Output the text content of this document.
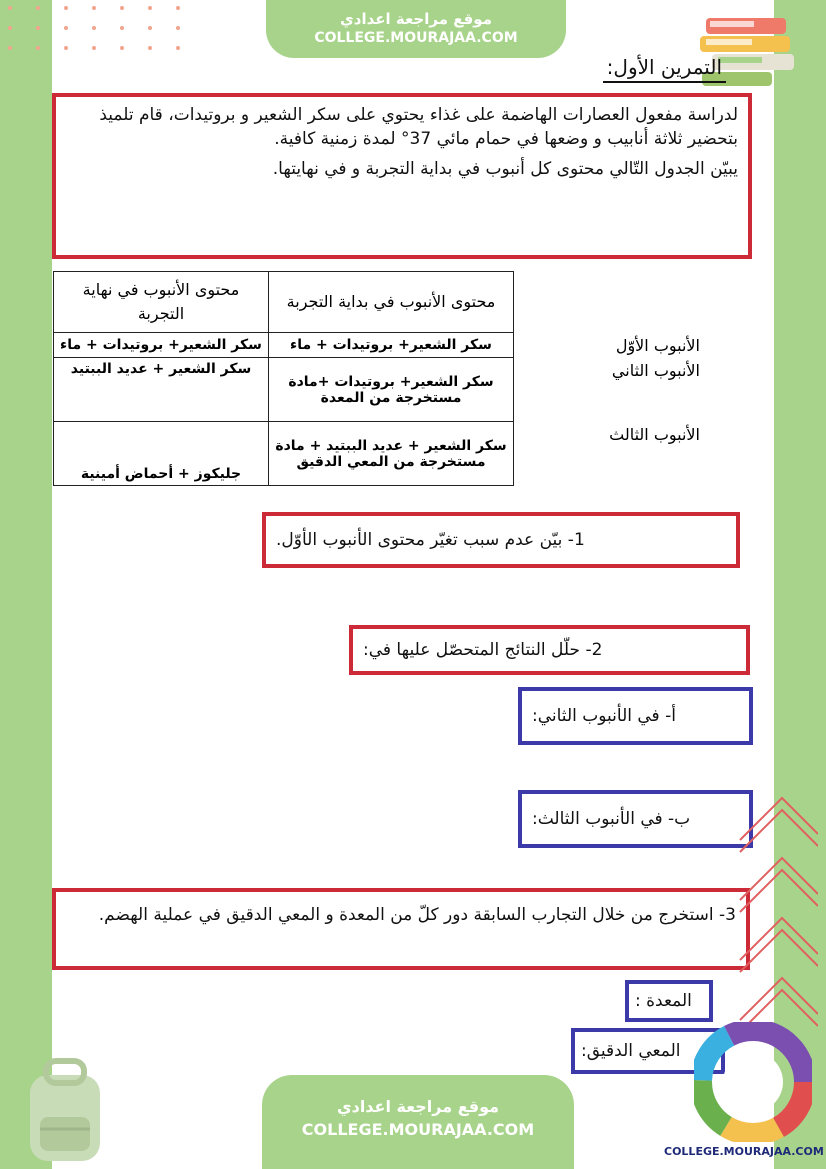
موقع مراجعة اعدادي
COLLEGE.MOURAJAA.COM
التمرين الأول:

لدراسة مفعول العصارات الهاضمة على غذاء يحتوي على سكر الشعير و بروتيدات، قام تلميذ بتحضير ثلاثة أنابيب و وضعها في حمام مائي 37° لمدة زمنية كافية.

يبيّن الجدول التّالي محتوى كل أنبوب في بداية التجربة و في نهايتها.

	محتوى الأنبوب في بداية التجربة	محتوى الأنبوب في نهاية التجربة
الأنبوب الأوّل	سكر الشعير+ بروتيدات + ماء	سكر الشعير+ بروتيدات + ماء
الأنبوب الثاني	سكر الشعير+ بروتيدات +مادة مستخرجة من المعدة	سكر الشعير + عديد الببتيد
الأنبوب الثالث	سكر الشعير + عديد الببتيد + مادة مستخرجة من المعي الدقيق	جليكوز + أحماض أمينية
1- بيّن عدم سبب تغيّر محتوى الأنبوب الأوّل.
2- حلّل النتائج المتحصّل عليها في:
أ- في الأنبوب الثاني:
ب- في الأنبوب الثالث:
3- استخرج من خلال التجارب السابقة دور كلّ من المعدة و المعي الدقيق في عملية الهضم.
المعدة :
المعي الدقيق:
COLLEGE.MOURAJAA.COM
موقع مراجعة اعدادي
COLLEGE.MOURAJAA.COM
